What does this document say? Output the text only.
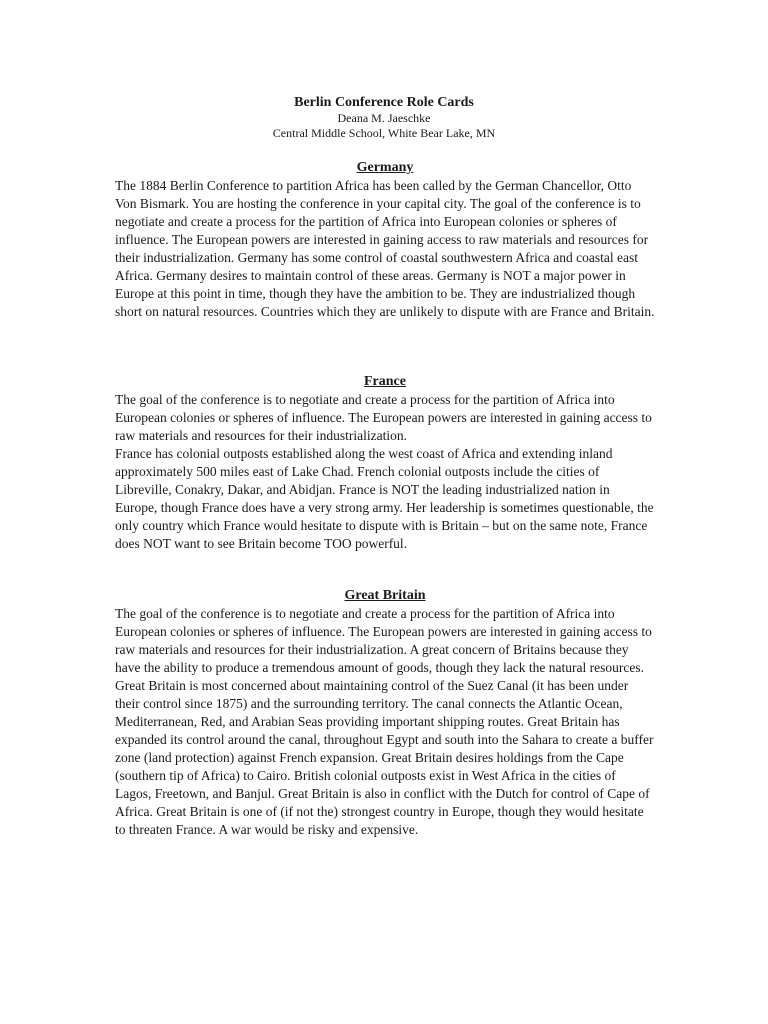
Berlin Conference Role Cards

Deana M. Jaeschke

Central Middle School, White Bear Lake, MN

Germany

The 1884 Berlin Conference to partition Africa has been called by the German Chancellor, Otto Von Bismark. You are hosting the conference in your capital city. The goal of the conference is to negotiate and create a process for the partition of Africa into European colonies or spheres of influence. The European powers are interested in gaining access to raw materials and resources for their industrialization. Germany has some control of coastal southwestern Africa and coastal east Africa. Germany desires to maintain control of these areas. Germany is NOT a major power in Europe at this point in time, though they have the ambition to be. They are industrialized though short on natural resources. Countries which they are unlikely to dispute with are France and Britain.

France

The goal of the conference is to negotiate and create a process for the partition of Africa into European colonies or spheres of influence. The European powers are interested in gaining access to raw materials and resources for their industrialization.

France has colonial outposts established along the west coast of Africa and extending inland approximately 500 miles east of Lake Chad. French colonial outposts include the cities of Libreville, Conakry, Dakar, and Abidjan. France is NOT the leading industrialized nation in Europe, though France does have a very strong army. Her leadership is sometimes questionable, the only country which France would hesitate to dispute with is Britain – but on the same note, France does NOT want to see Britain become TOO powerful.

Great Britain

The goal of the conference is to negotiate and create a process for the partition of Africa into European colonies or spheres of influence. The European powers are interested in gaining access to raw materials and resources for their industrialization. A great concern of Britains because they have the ability to produce a tremendous amount of goods, though they lack the natural resources. Great Britain is most concerned about maintaining control of the Suez Canal (it has been under their control since 1875) and the surrounding territory. The canal connects the Atlantic Ocean, Mediterranean, Red, and Arabian Seas providing important shipping routes. Great Britain has expanded its control around the canal, throughout Egypt and south into the Sahara to create a buffer zone (land protection) against French expansion. Great Britain desires holdings from the Cape (southern tip of Africa) to Cairo. British colonial outposts exist in West Africa in the cities of Lagos, Freetown, and Banjul. Great Britain is also in conflict with the Dutch for control of Cape of Africa. Great Britain is one of (if not the) strongest country in Europe, though they would hesitate to threaten France. A war would be risky and expensive.
